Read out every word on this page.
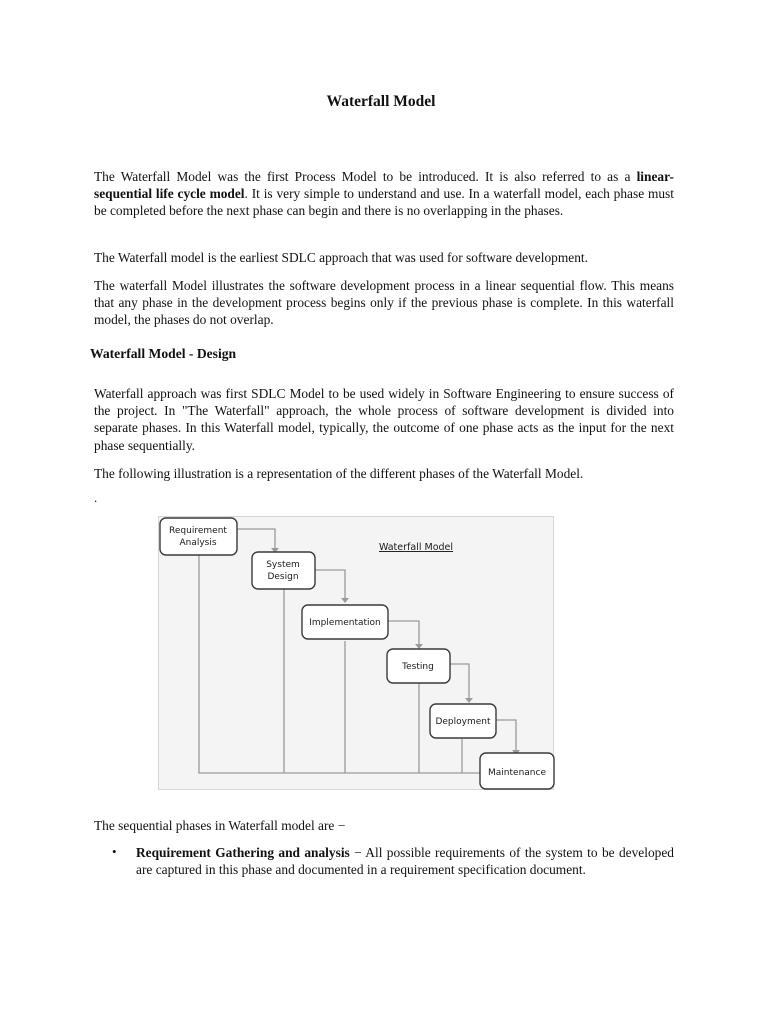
Waterfall Model

The Waterfall Model was the first Process Model to be introduced. It is also referred to as a linear-sequential life cycle model. It is very simple to understand and use. In a waterfall model, each phase must be completed before the next phase can begin and there is no overlapping in the phases.

The Waterfall model is the earliest SDLC approach that was used for software development.

The waterfall Model illustrates the software development process in a linear sequential flow. This means that any phase in the development process begins only if the previous phase is complete. In this waterfall model, the phases do not overlap.

Waterfall Model - Design

Waterfall approach was first SDLC Model to be used widely in Software Engineering to ensure success of the project. In "The Waterfall" approach, the whole process of software development is divided into separate phases. In this Waterfall model, typically, the outcome of one phase acts as the input for the next phase sequentially.

The following illustration is a representation of the different phases of the Waterfall Model.

.
Waterfall Model
Requirement
Analysis
System
Design
Implementation
Testing
Deployment
Maintenance

The sequential phases in Waterfall model are −

• Requirement Gathering and analysis − All possible requirements of the system to be developed are captured in this phase and documented in a requirement specification document.
